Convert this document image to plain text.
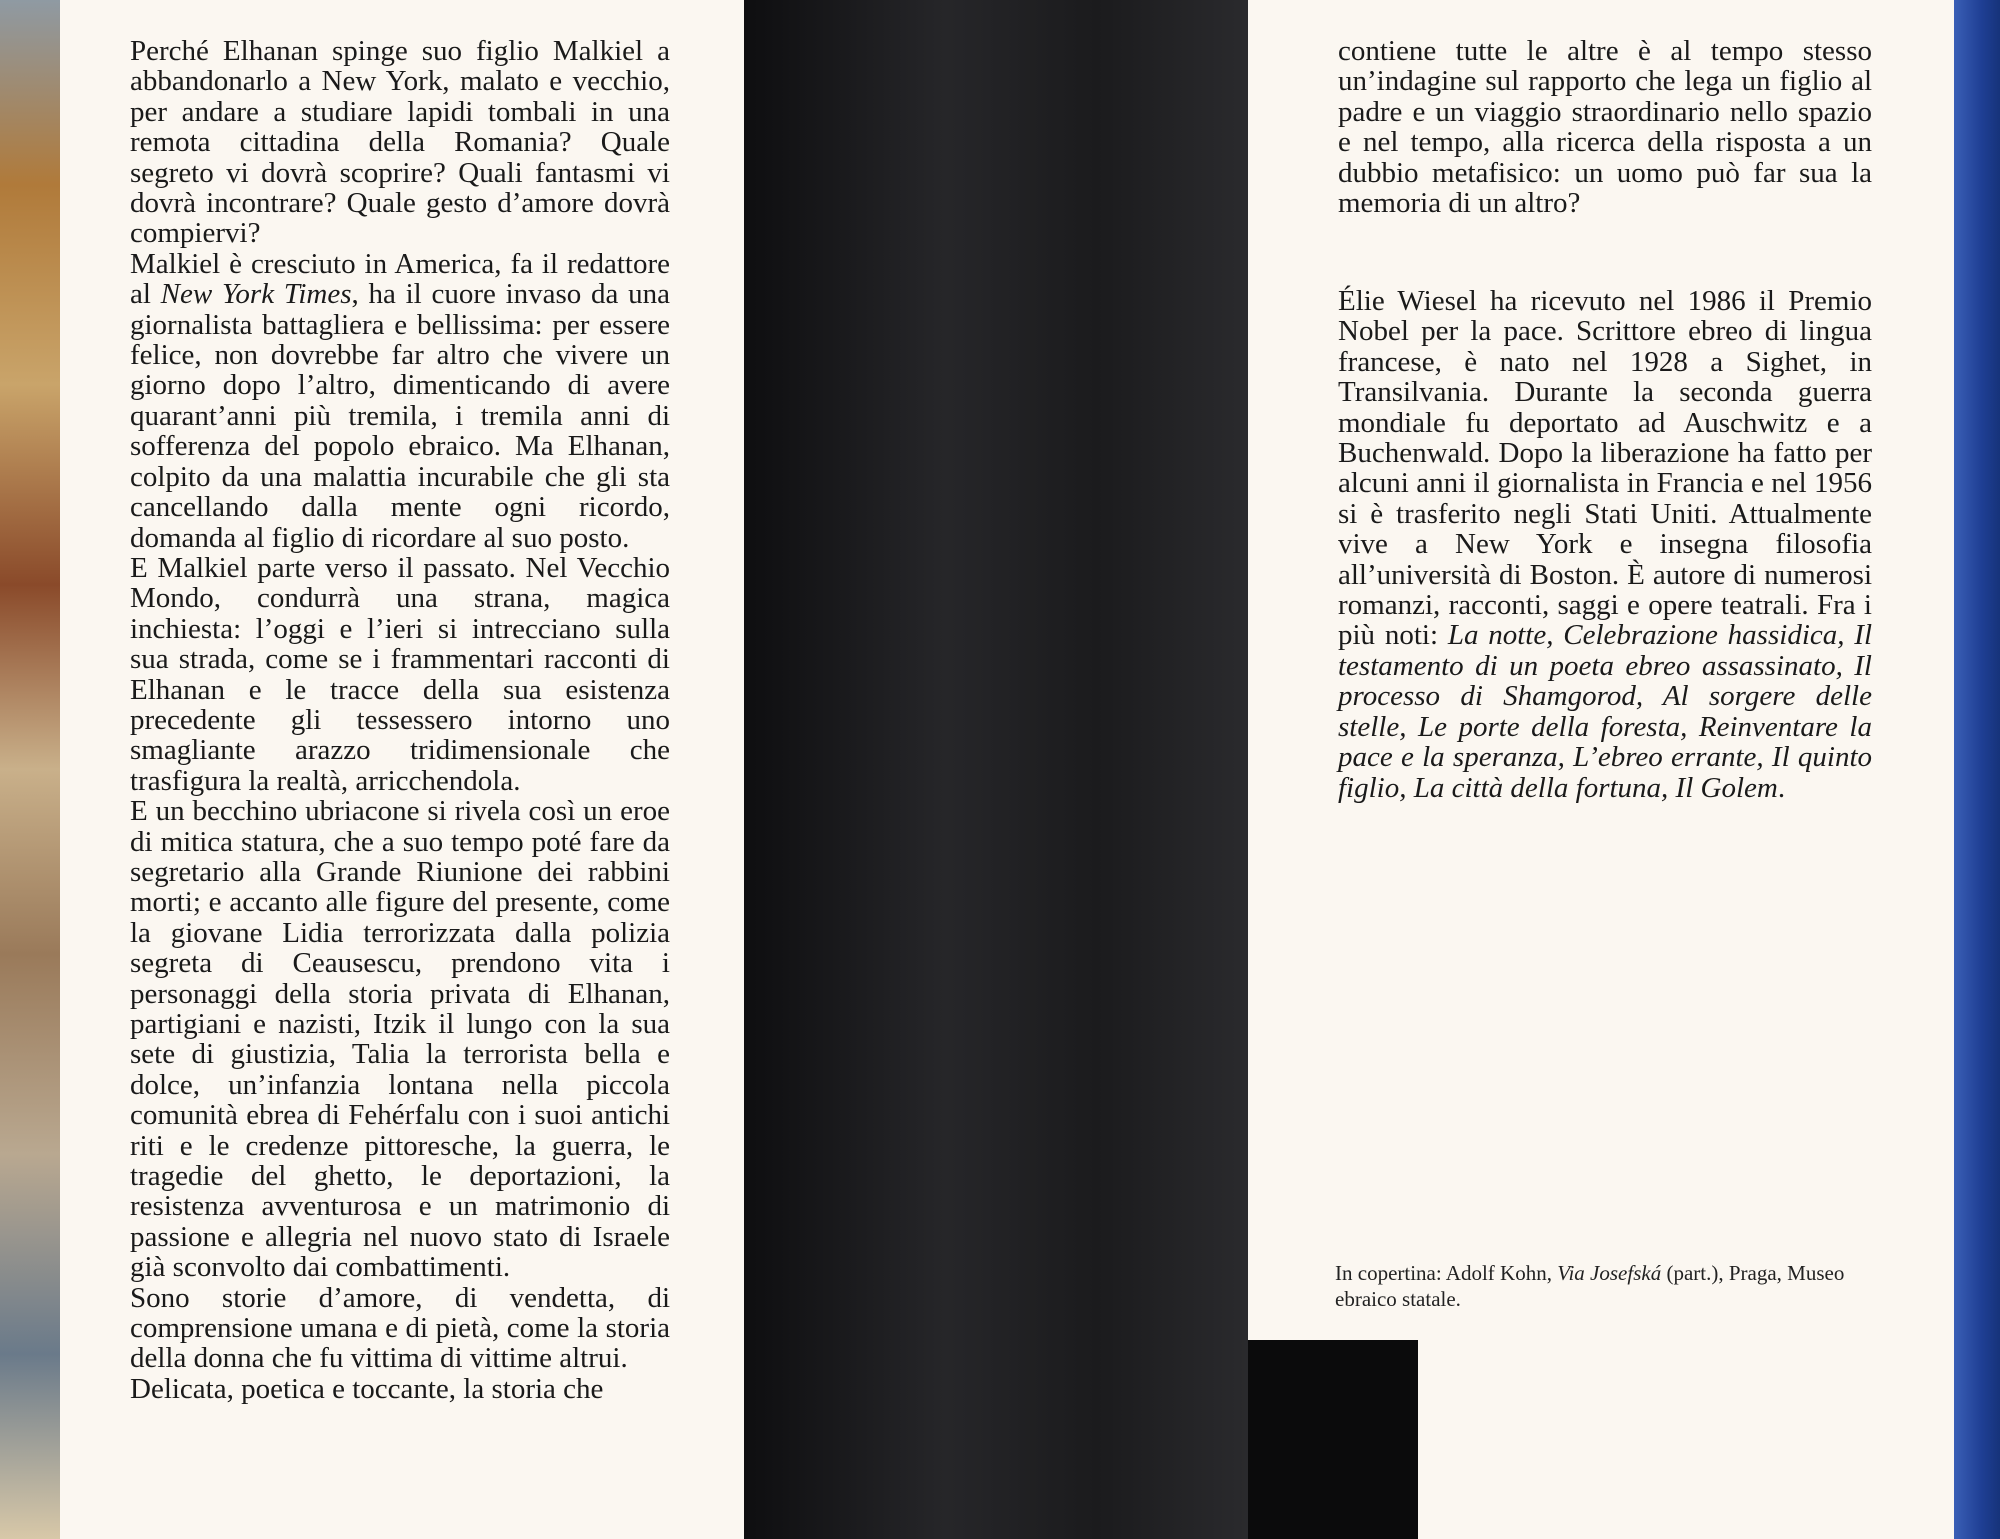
Perché Elhanan spinge suo figlio Malkiel a abbandonarlo a New York, malato e vecchio, per andare a studiare lapidi tombali in una remota cittadina della Romania? Quale segreto vi dovrà scoprire? Quali fantasmi vi dovrà incontrare? Quale gesto d’amore dovrà compiervi?

Malkiel è cresciuto in America, fa il redattore al New York Times, ha il cuore invaso da una giornalista battagliera e bellissima: per essere felice, non dovrebbe far altro che vivere un giorno dopo l’altro, dimenticando di avere quarant’anni più tremila, i tremila anni di sofferenza del popolo ebraico. Ma Elhanan, colpito da una malattia incurabile che gli sta cancellando dalla mente ogni ricordo, domanda al figlio di ricordare al suo posto.

E Malkiel parte verso il passato. Nel Vecchio Mondo, condurrà una strana, magica inchiesta: l’oggi e l’ieri si intrecciano sulla sua strada, come se i frammentari racconti di Elhanan e le tracce della sua esistenza precedente gli tessessero intorno uno smagliante arazzo tridimensionale che trasfigura la realtà, arricchendola.

E un becchino ubriacone si rivela così un eroe di mitica statura, che a suo tempo poté fare da segretario alla Grande Riunione dei rabbini morti; e accanto alle figure del presente, come la giovane Lidia terrorizzata dalla polizia segreta di Ceausescu, prendono vita i personaggi della storia privata di Elhanan, partigiani e nazisti, Itzik il lungo con la sua sete di giustizia, Talia la terrorista bella e dolce, un’infanzia lontana nella piccola comunità ebrea di Fehérfalu con i suoi antichi riti e le credenze pittoresche, la guerra, le tragedie del ghetto, le deportazioni, la resistenza avventurosa e un matrimonio di passione e allegria nel nuovo stato di Israele già sconvolto dai combattimenti.

Sono storie d’amore, di vendetta, di comprensione umana e di pietà, come la storia della donna che fu vittima di vittime altrui.

Delicata, poetica e toccante, la storia che

contiene tutte le altre è al tempo stesso un’indagine sul rapporto che lega un figlio al padre e un viaggio straordinario nello spazio e nel tempo, alla ricerca della risposta a un dubbio metafisico: un uomo può far sua la memoria di un altro?

Élie Wiesel ha ricevuto nel 1986 il Premio Nobel per la pace. Scrittore ebreo di lingua francese, è nato nel 1928 a Sighet, in Transilvania. Durante la seconda guerra mondiale fu deportato ad Auschwitz e a Buchenwald. Dopo la liberazione ha fatto per alcuni anni il giornalista in Francia e nel 1956 si è trasferito negli Stati Uniti. Attualmente vive a New York e insegna filosofia all’università di Boston. È autore di numerosi romanzi, racconti, saggi e opere teatrali. Fra i più noti: La notte, Celebrazione hassidica, Il testamento di un poeta ebreo assassinato, Il processo di Shamgorod, Al sorgere delle stelle, Le porte della foresta, Reinventare la pace e la speranza, L’ebreo errante, Il quinto figlio, La città della fortuna, Il Golem.

In copertina: Adolf Kohn, Via Josefská (part.), Praga, Museo ebraico statale.
